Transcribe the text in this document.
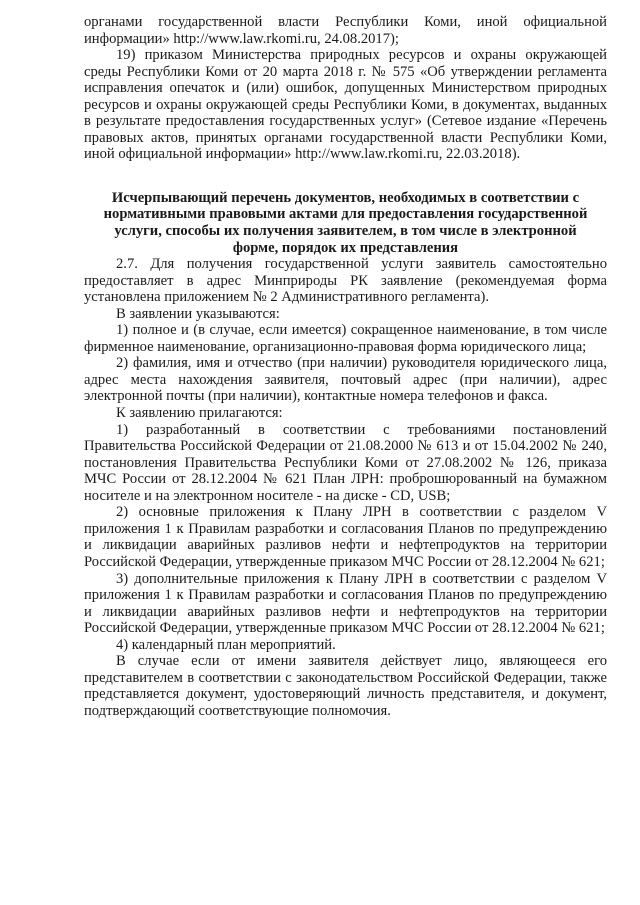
органами государственной власти Республики Коми, иной официальной информации» http://www.law.rkomi.ru, 24.08.2017);

19) приказом Министерства природных ресурсов и охраны окружающей среды Республики Коми от 20 марта 2018 г. № 575 «Об утверждении регламента исправления опечаток и (или) ошибок, допущенных Министерством природных ресурсов и охраны окружающей среды Республики Коми, в документах, выданных в результате предоставления государственных услуг» (Сетевое издание «Перечень правовых актов, принятых органами государственной власти Республики Коми, иной официальной информации» http://www.law.rkomi.ru, 22.03.2018).

Исчерпывающий перечень документов, необходимых в соответствии с нормативными правовыми актами для предоставления государственной услуги, способы их получения заявителем, в том числе в электронной форме, порядок их представления

2.7. Для получения государственной услуги заявитель самостоятельно предоставляет в адрес Минприроды РК заявление (рекомендуемая форма установлена приложением № 2 Административного регламента).

В заявлении указываются:

1) полное и (в случае, если имеется) сокращенное наименование, в том числе фирменное наименование, организационно-правовая форма юридического лица;

2) фамилия, имя и отчество (при наличии) руководителя юридического лица, адрес места нахождения заявителя, почтовый адрес (при наличии), адрес электронной почты (при наличии), контактные номера телефонов и факса.

К заявлению прилагаются:

1) разработанный в соответствии с требованиями постановлений Правительства Российской Федерации от 21.08.2000 № 613 и от 15.04.2002 № 240, постановления Правительства Республики Коми от 27.08.2002 № 126, приказа МЧС России от 28.12.2004 № 621 План ЛРН: проброшюрованный на бумажном носителе и на электронном носителе - на диске - CD, USB;

2) основные приложения к Плану ЛРН в соответствии с разделом V приложения 1 к Правилам разработки и согласования Планов по предупреждению и ликвидации аварийных разливов нефти и нефтепродуктов на территории Российской Федерации, утвержденные приказом МЧС России от 28.12.2004 № 621;

3) дополнительные приложения к Плану ЛРН в соответствии с разделом V приложения 1 к Правилам разработки и согласования Планов по предупреждению и ликвидации аварийных разливов нефти и нефтепродуктов на территории Российской Федерации, утвержденные приказом МЧС России от 28.12.2004 № 621;

4) календарный план мероприятий.

В случае если от имени заявителя действует лицо, являющееся его представителем в соответствии с законодательством Российской Федерации, также представляется документ, удостоверяющий личность представителя, и документ, подтверждающий соответствующие полномочия.
